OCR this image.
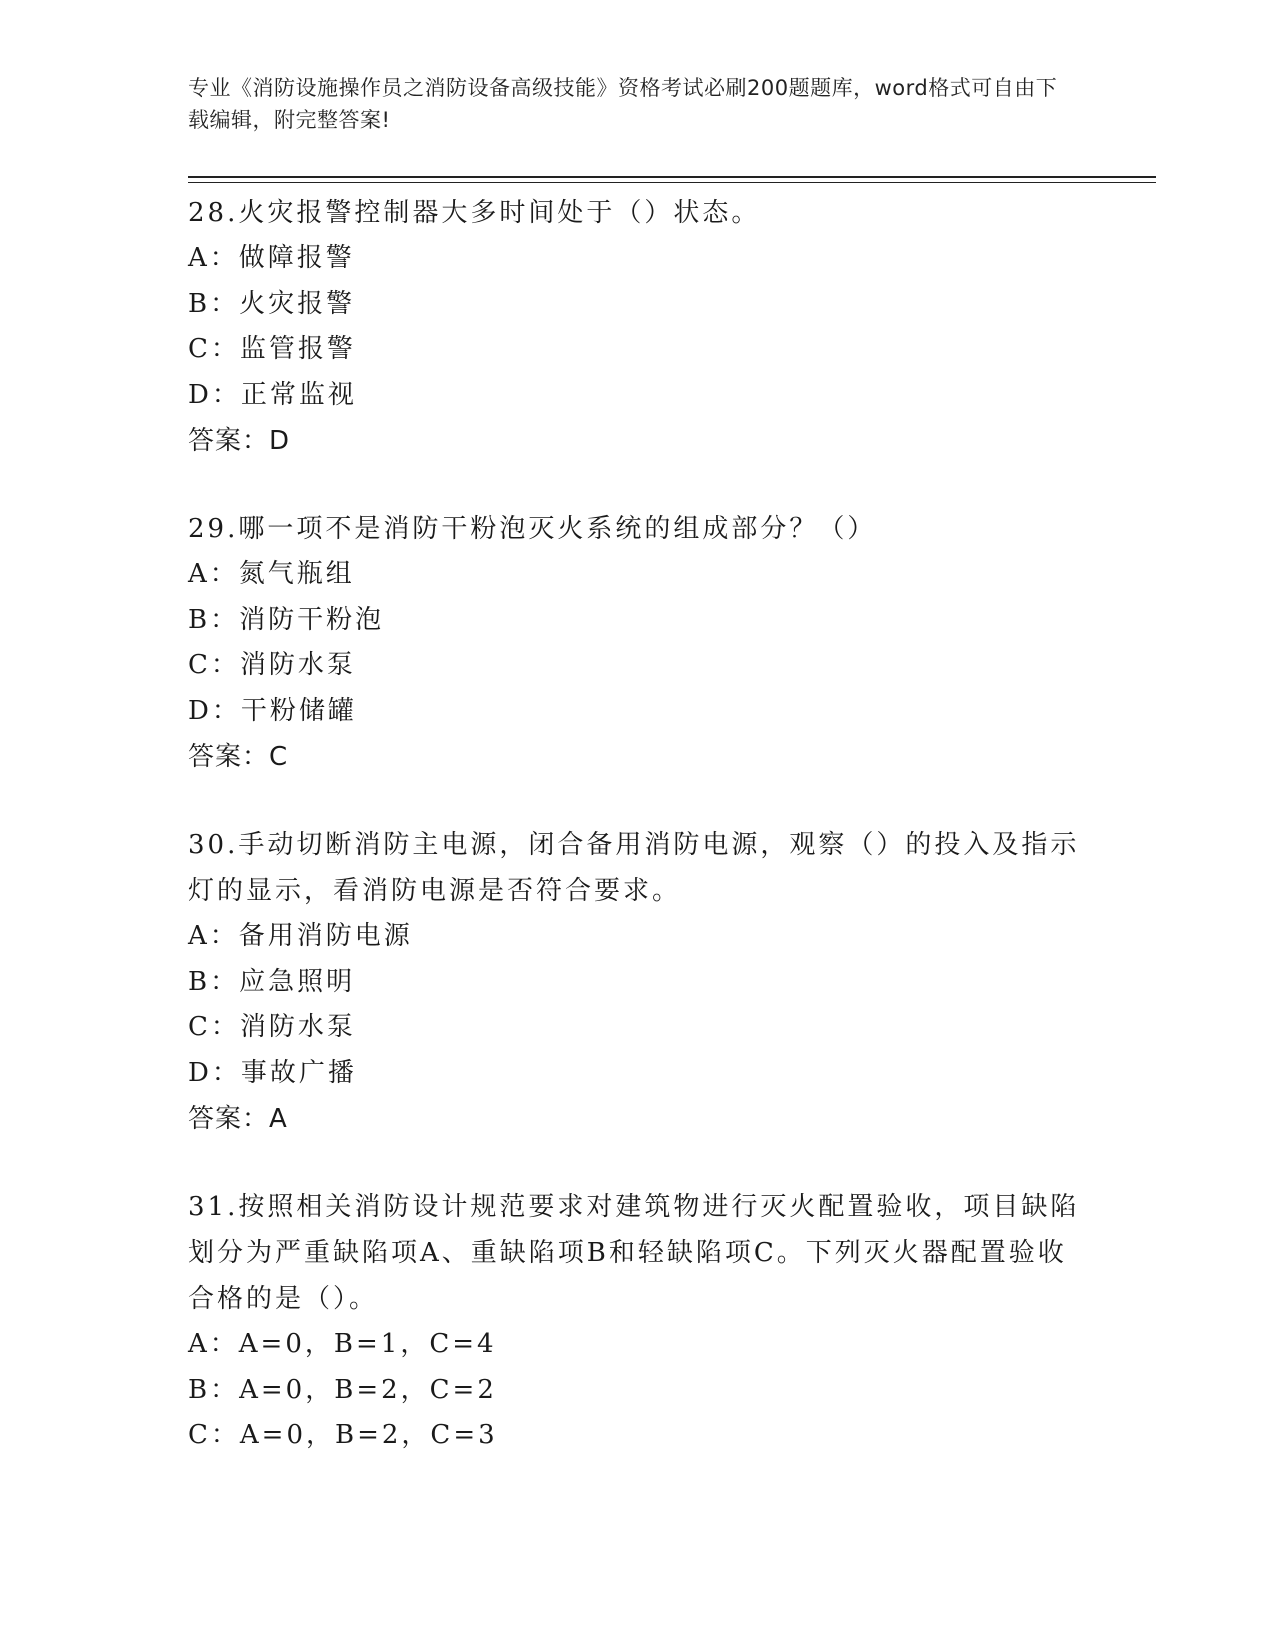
专业《消防设施操作员之消防设备高级技能》资格考试必刷200题题库，word格式可自由下载编辑，附完整答案!

28.火灾报警控制器大多时间处于（）状态。

A：做障报警

B：火灾报警

C：监管报警

D：正常监视

答案：D

29.哪一项不是消防干粉泡灭火系统的组成部分？（）

A：氮气瓶组

B：消防干粉泡

C：消防水泵

D：干粉储罐

答案：C

30.手动切断消防主电源，闭合备用消防电源，观察（）的投入及指示灯的显示，看消防电源是否符合要求。

A：备用消防电源

B：应急照明

C：消防水泵

D：事故广播

答案：A

31.按照相关消防设计规范要求对建筑物进行灭火配置验收，项目缺陷划分为严重缺陷项A、重缺陷项B和轻缺陷项C。下列灭火器配置验收合格的是（）。

A：A=0，B=1，C=4

B：A=0，B=2，C=2

C：A=0，B=2，C=3
